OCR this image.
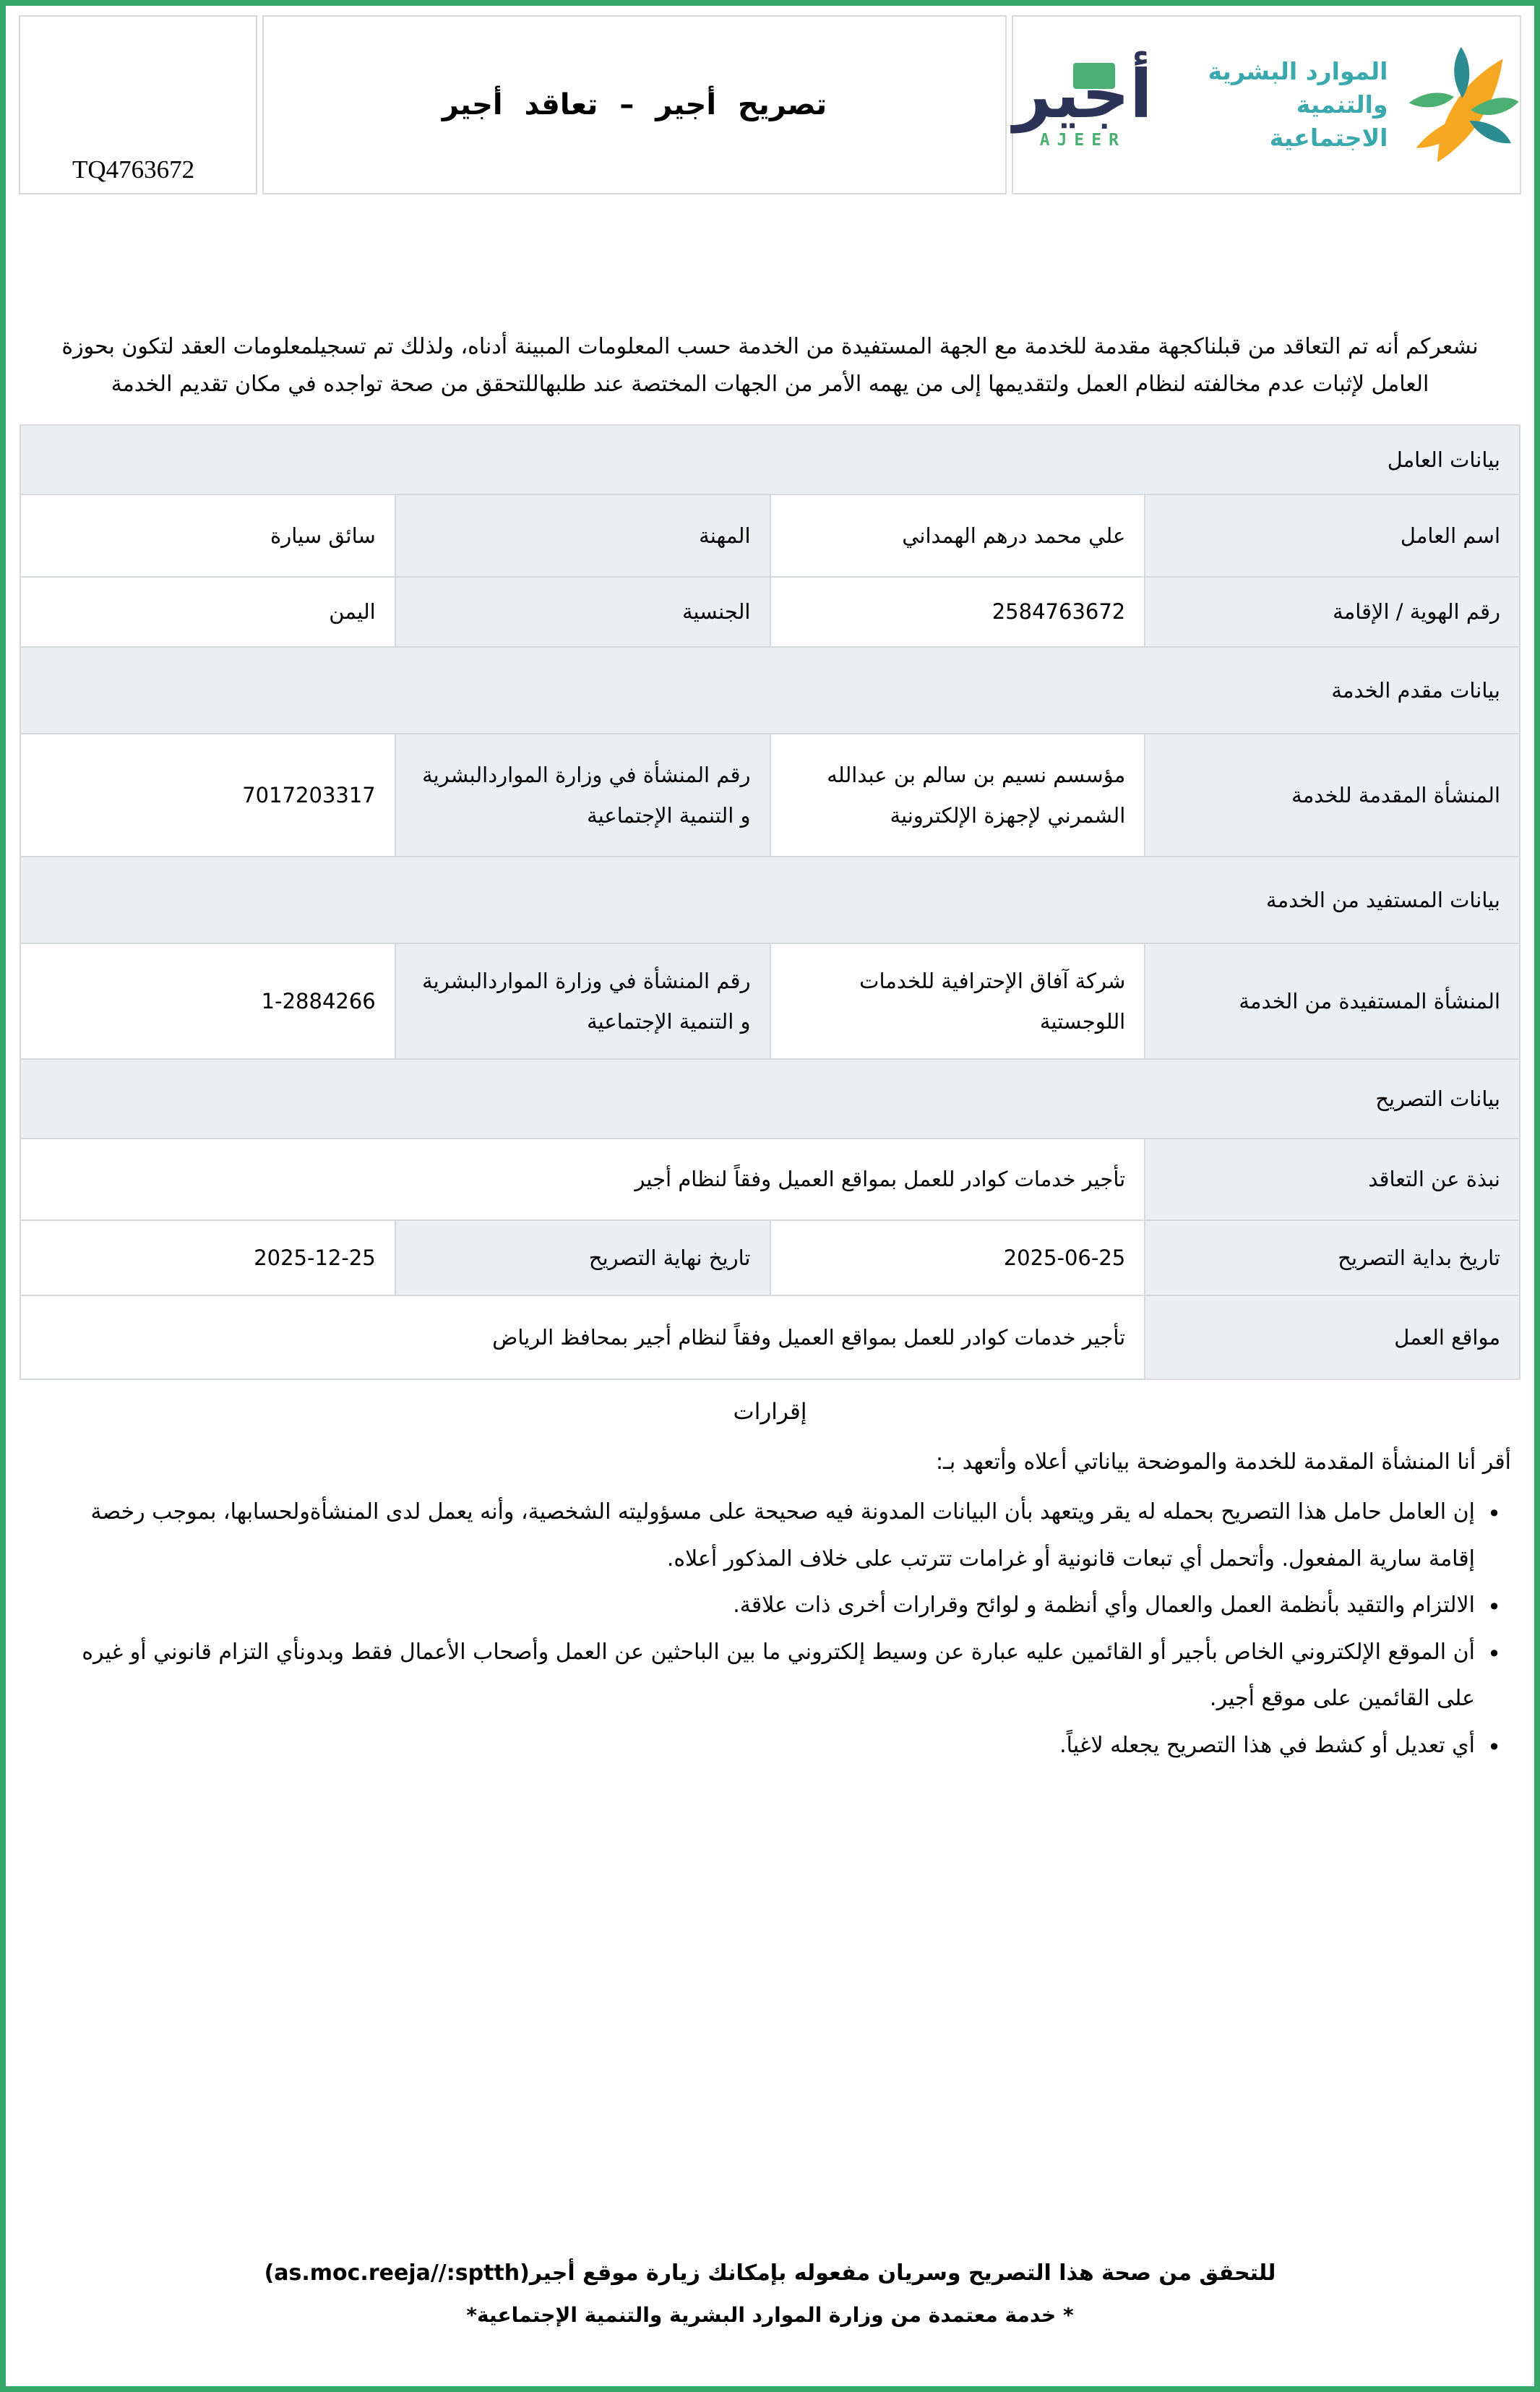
TQ4763672
تصريح أجير – تعاقد أجير	أجير
AJEER
الموارد البشرية
والتنمية الاجتماعية
نشعركم أنه تم التعاقد من قبلناكجهة مقدمة للخدمة مع الجهة المستفيدة من الخدمة حسب المعلومات المبينة أدناه، ولذلك تم تسجيلمعلومات العقد لتكون بحوزة العامل لإثبات عدم مخالفته لنظام العمل ولتقديمها إلى من يهمه الأمر من الجهات المختصة عند طلبهاللتحقق من صحة تواجده في مكان تقديم الخدمة
بيانات العامل			
اسم العامل	علي محمد درهم الهمداني	المهنة	سائق سيارة
رقم الهوية / الإقامة	2584763672	الجنسية	اليمن
بيانات مقدم الخدمة			
المنشأة المقدمة للخدمة	مؤسسم نسيم بن سالم بن عبدالله الشمرني لإجهزة الإلكترونية	رقم المنشأة في وزارة المواردالبشرية و التنمية الإجتماعية	7017203317
بيانات المستفيد من الخدمة			
المنشأة المستفيدة من الخدمة	شركة آفاق الإحترافية للخدمات اللوجستية	رقم المنشأة في وزارة المواردالبشرية و التنمية الإجتماعية	1-2884266
بيانات التصريح			
نبذة عن التعاقد	تأجير خدمات كوادر للعمل بمواقع العميل وفقاً لنظام أجير		
تاريخ بداية التصريح	2025-06-25	تاريخ نهاية التصريح	2025-12-25
مواقع العمل	تأجير خدمات كوادر للعمل بمواقع العميل وفقاً لنظام أجير بمحافظ الرياض		
إقرارات
أقر أنا المنشأة المقدمة للخدمة والموضحة بياناتي أعلاه وأتعهد بـ:
• إن العامل حامل هذا التصريح بحمله له يقر ويتعهد بأن البيانات المدونة فيه صحيحة على مسؤوليته الشخصية، وأنه يعمل لدى المنشأةولحسابها، بموجب رخصة إقامة سارية المفعول. وأتحمل أي تبعات قانونية أو غرامات تترتب على خلاف المذكور أعلاه.
• الالتزام والتقيد بأنظمة العمل والعمال وأي أنظمة و لوائح وقرارات أخرى ذات علاقة.
• أن الموقع الإلكتروني الخاص بأجير أو القائمين عليه عبارة عن وسيط إلكتروني ما بين الباحثين عن العمل وأصحاب الأعمال فقط وبدونأي التزام قانوني أو غيره على القائمين على موقع أجير.
• أي تعديل أو كشط في هذا التصريح يجعله لاغياً.
للتحقق من صحة هذا التصريح وسريان مفعوله بإمكانك زيارة موقع أجير(as.moc.reeja//:sptth)
* خدمة معتمدة من وزارة الموارد البشرية والتنمية الإجتماعية*
